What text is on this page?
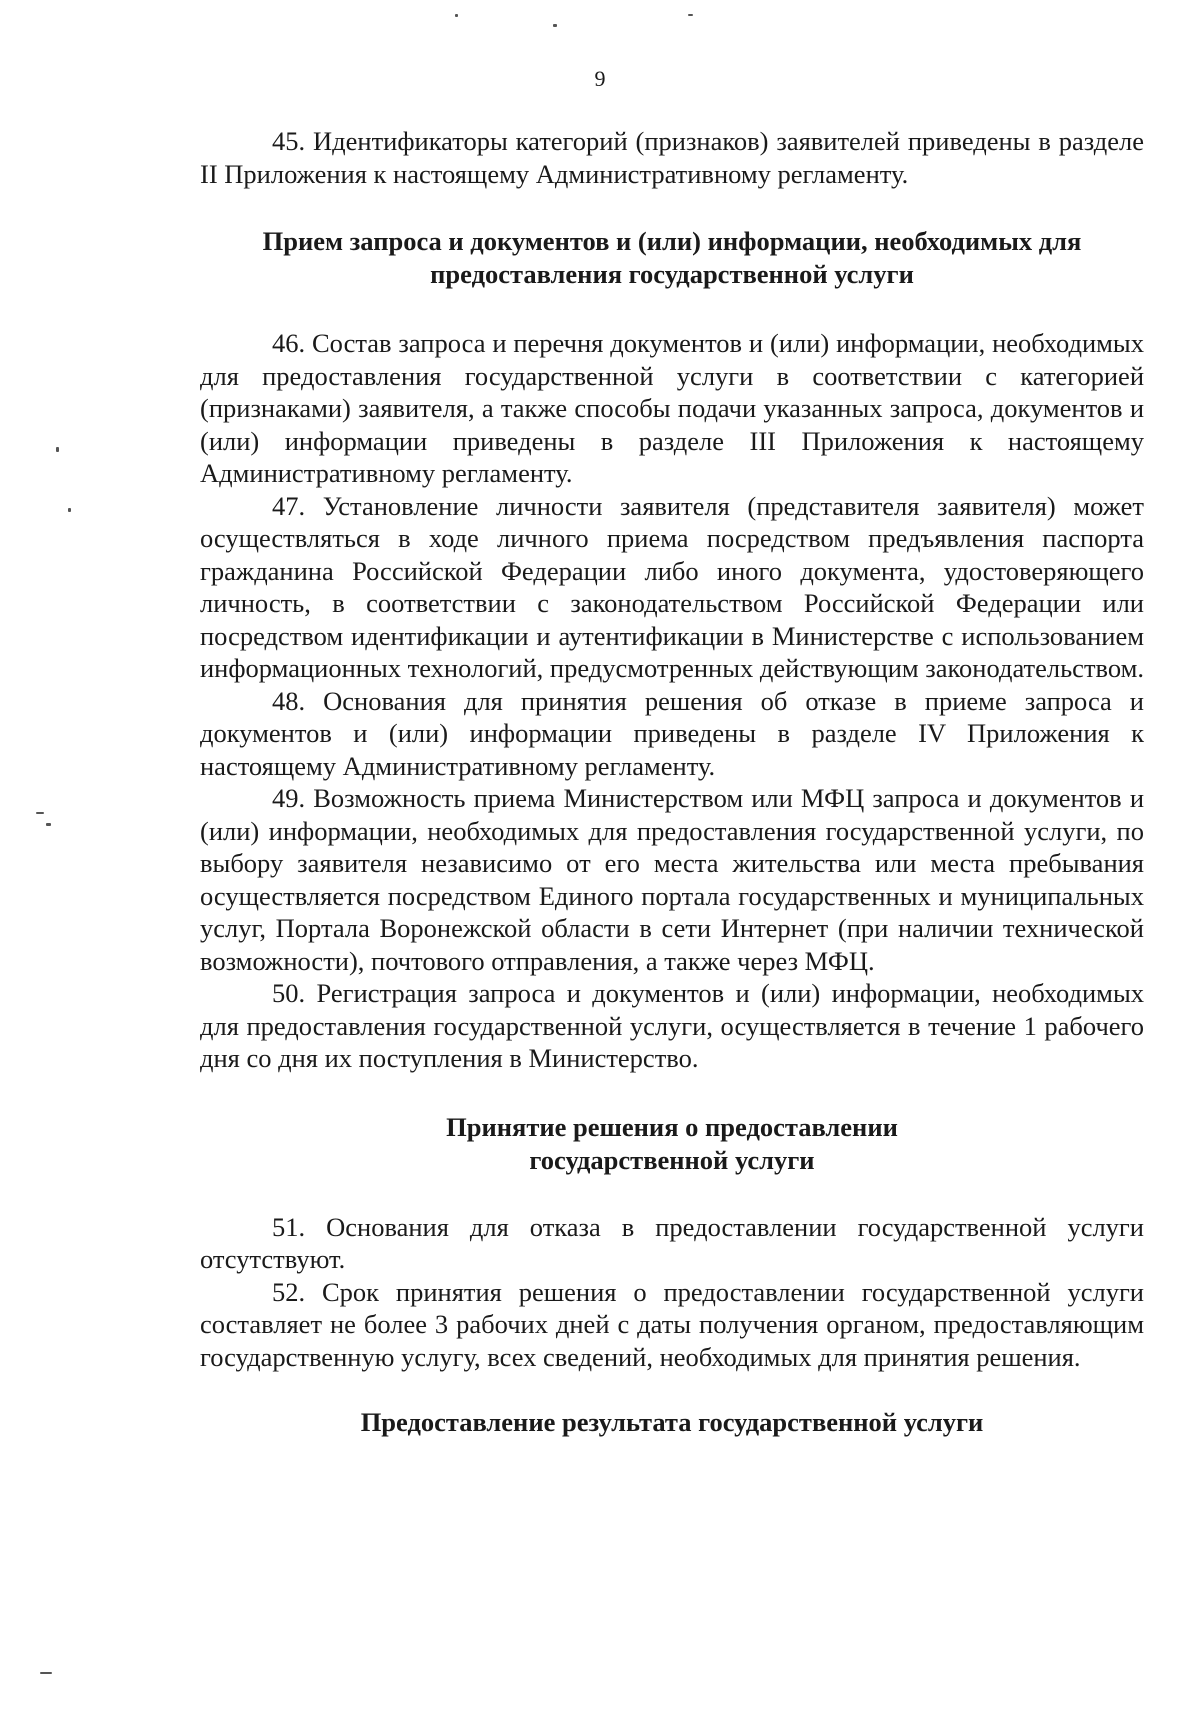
9

45. Идентификаторы категорий (признаков) заявителей приведены в разделе II Приложения к настоящему Административному регламенту.

Прием запроса и документов и (или) информации, необходимых для
предоставления государственной услуги

46. Состав запроса и перечня документов и (или) информации, необходимых для предоставления государственной услуги в соответствии с категорией (признаками) заявителя, а также способы подачи указанных запроса, документов и (или) информации приведены в разделе III Приложения к настоящему Административному регламенту.

47. Установление личности заявителя (представителя заявителя) может осуществляться в ходе личного приема посредством предъявления паспорта гражданина Российской Федерации либо иного документа, удостоверяющего личность, в соответствии с законодательством Российской Федерации или посредством идентификации и аутентификации в Министерстве с использованием информационных технологий, предусмотренных действующим законодательством.

48. Основания для принятия решения об отказе в приеме запроса и документов и (или) информации приведены в разделе IV Приложения к настоящему Административному регламенту.

49. Возможность приема Министерством или МФЦ запроса и документов и (или) информации, необходимых для предоставления государственной услуги, по выбору заявителя независимо от его места жительства или места пребывания осуществляется посредством Единого портала государственных и муниципальных услуг, Портала Воронежской области в сети Интернет (при наличии технической возможности), почтового отправления, а также через МФЦ.

50. Регистрация запроса и документов и (или) информации, необходимых для предоставления государственной услуги, осуществляется в течение 1 рабочего дня со дня их поступления в Министерство.

Принятие решения о предоставлении
государственной услуги

51. Основания для отказа в предоставлении государственной услуги отсутствуют.

52. Срок принятия решения о предоставлении государственной услуги составляет не более 3 рабочих дней с даты получения органом, предоставляющим государственную услугу, всех сведений, необходимых для принятия решения.

Предоставление результата государственной услуги
